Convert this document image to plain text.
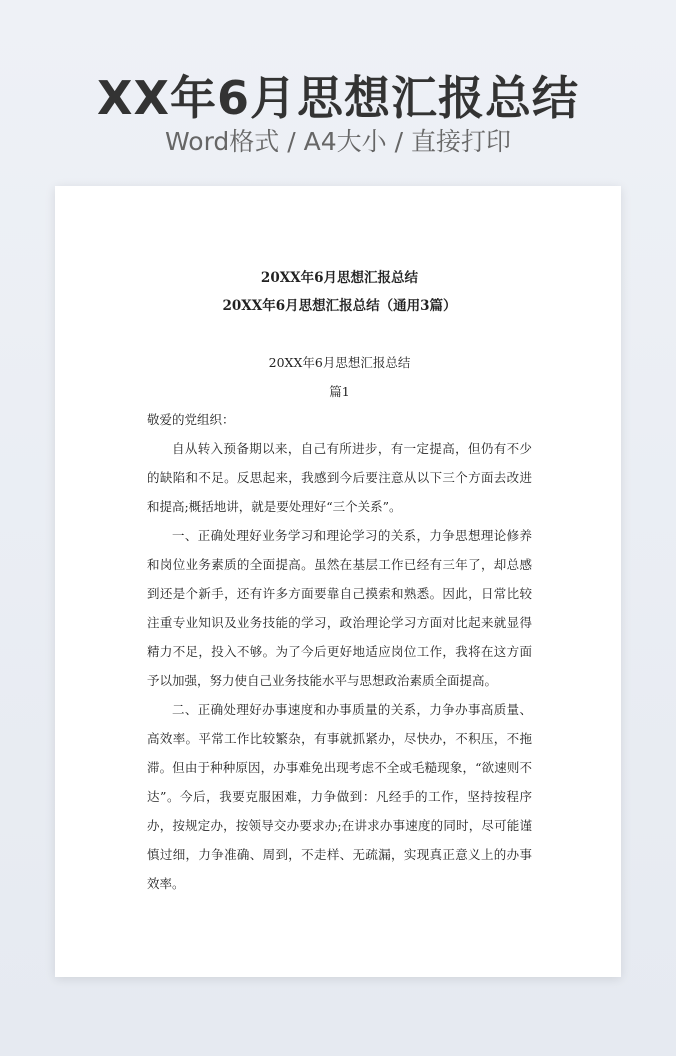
XX年6月思想汇报总结
Word格式 / A4大小 / 直接打印
20XX年6月思想汇报总结
20XX年6月思想汇报总结（通用3篇）
20XX年6月思想汇报总结
篇1

敬爱的党组织：

自从转入预备期以来，自己有所进步，有一定提高，但仍有不少的缺陷和不足。反思起来，我感到今后要注意从以下三个方面去改进和提高;概括地讲，就是要处理好“三个关系”。

一、正确处理好业务学习和理论学习的关系，力争思想理论修养和岗位业务素质的全面提高。虽然在基层工作已经有三年了，却总感到还是个新手，还有许多方面要靠自己摸索和熟悉。因此，日常比较注重专业知识及业务技能的学习，政治理论学习方面对比起来就显得精力不足，投入不够。为了今后更好地适应岗位工作，我将在这方面予以加强，努力使自己业务技能水平与思想政治素质全面提高。

二、正确处理好办事速度和办事质量的关系，力争办事高质量、高效率。平常工作比较繁杂，有事就抓紧办，尽快办，不积压，不拖滞。但由于种种原因，办事难免出现考虑不全或毛糙现象，“欲速则不达”。今后，我要克服困难，力争做到：凡经手的工作，坚持按程序办，按规定办，按领导交办要求办;在讲求办事速度的同时，尽可能谨慎过细，力争准确、周到，不走样、无疏漏，实现真正意义上的办事效率。
